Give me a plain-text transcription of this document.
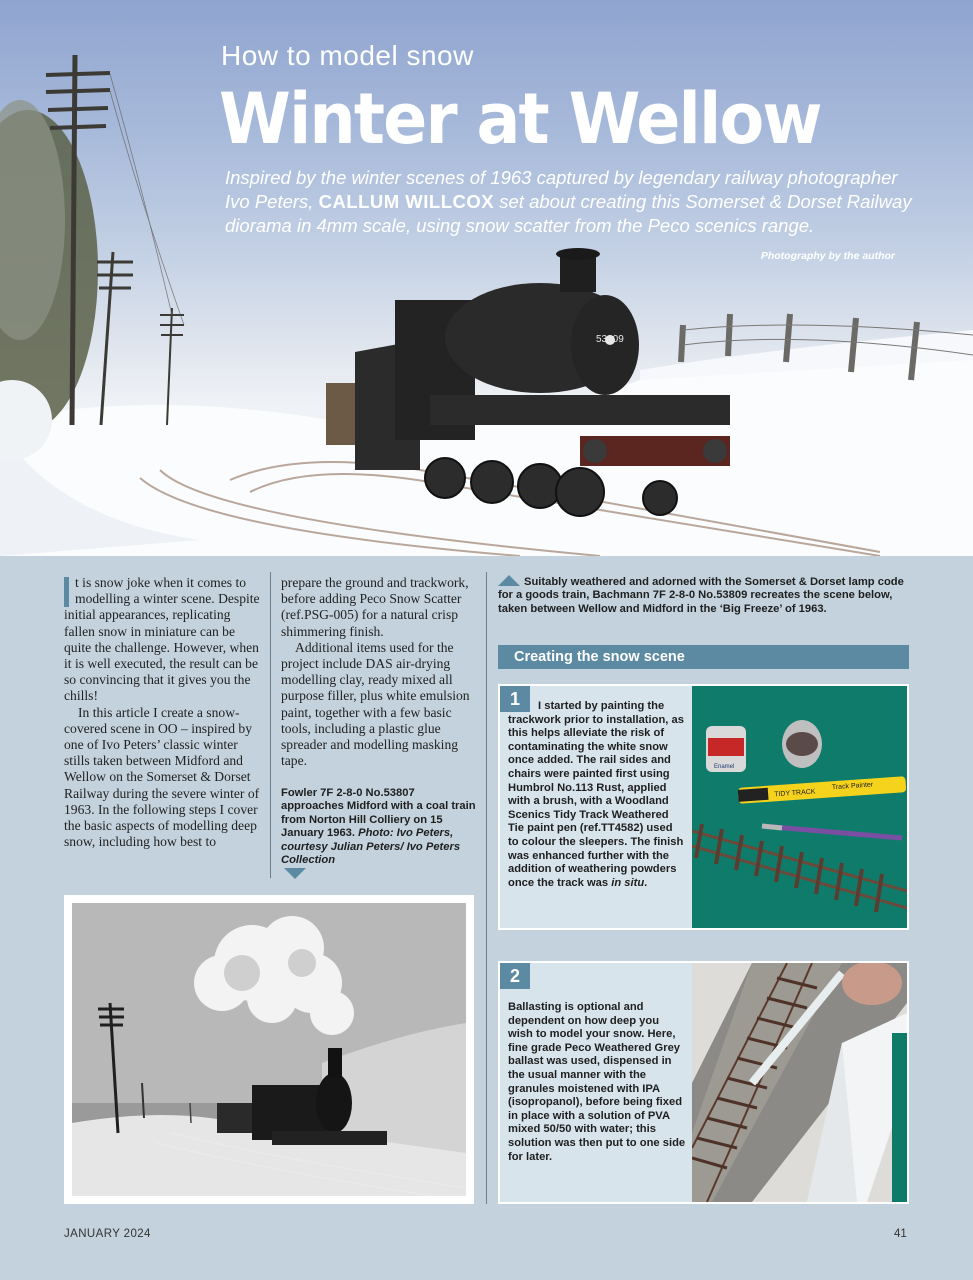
53809
How to model snow
Winter at Wellow
Inspired by the winter scenes of 1963 captured by legendary railway photographer Ivo Peters, CALLUM WILLCOX set about creating this Somerset & Dorset Railway diorama in 4mm scale, using snow scatter from the Peco scenics range.
Photography by the author

t is snow joke when it comes to modelling a winter scene. Despite initial appearances, replicating fallen snow in miniature can be quite the challenge. However, when it is well executed, the result can be so convincing that it gives you the chills!

In this article I create a snow-covered scene in OO – inspired by one of Ivo Peters’ classic winter stills taken between Midford and Wellow on the Somerset & Dorset Railway during the severe winter of 1963. In the following steps I cover the basic aspects of modelling deep snow, including how best to

prepare the ground and trackwork, before adding Peco Snow Scatter (ref.PSG-005) for a natural crisp shimmering finish.

Additional items used for the project include DAS air-drying modelling clay, ready mixed all purpose filler, plus white emulsion paint, together with a few basic tools, including a plastic glue spreader and modelling masking tape.

Fowler 7F 2-8-0 No.53807 approaches Midford with a coal train from Norton Hill Colliery on 15 January 1963. Photo: Ivo Peters, courtesy Julian Peters/ Ivo Peters Collection
Suitably weathered and adorned with the Somerset & Dorset lamp code for a goods train, Bachmann 7F 2-8-0 No.53809 recreates the scene below, taken between Wellow and Midford in the ‘Big Freeze’ of 1963.
Creating the snow scene
1	I started by painting the trackwork prior to installation, as this helps alleviate the risk of contaminating the white snow once added. The rail sides and chairs were painted first using Humbrol No.113 Rust, applied with a brush, with a Woodland Scenics Tidy Track Weathered Tie paint pen (ref.TT4582) used to colour the sleepers. The finish was enhanced further with the addition of weathering powders once the track was in situ.
Enamel
TIDY TRACK
Track Painter
2
Ballasting is optional and dependent on how deep you wish to model your snow. Here, fine grade Peco Weathered Grey ballast was used, dispensed in the usual manner with the granules moistened with IPA (isopropanol), before being fixed in place with a solution of PVA mixed 50/50 with water; this solution was then put to one side for later.
JANUARY 2024	41
